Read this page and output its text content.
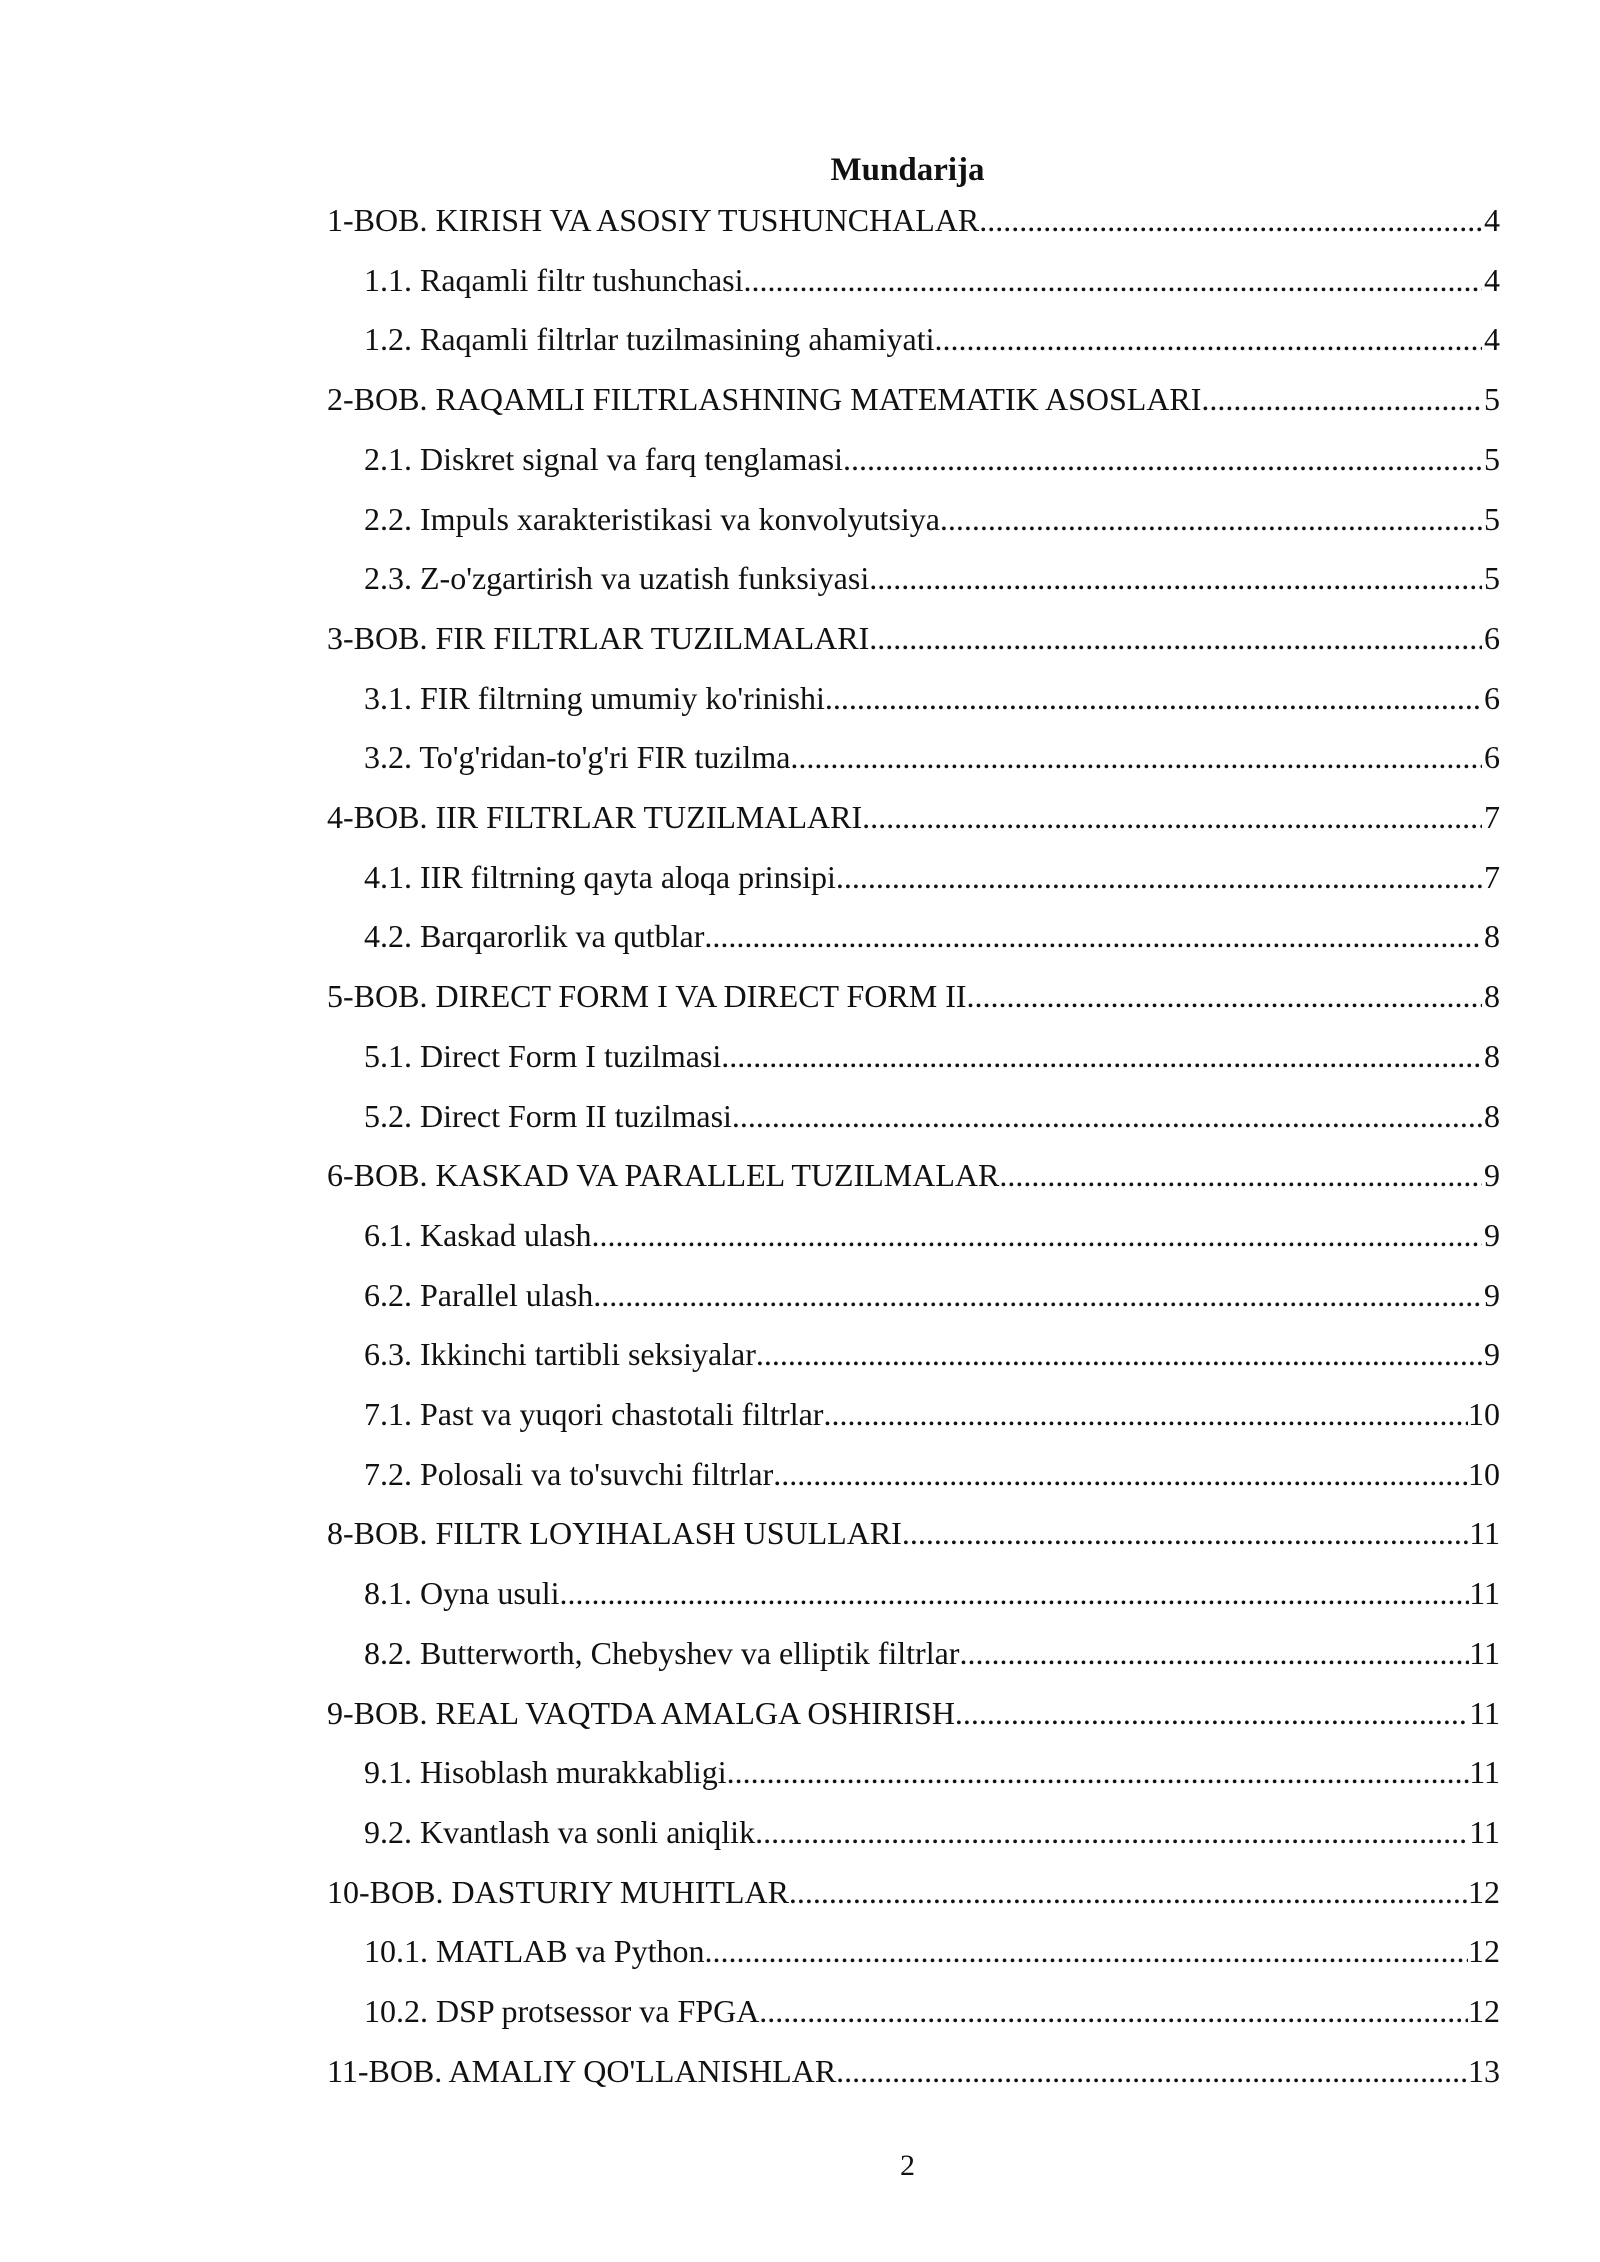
Mundarija
1-BOB. KIRISH VA ASOSIY TUSHUNCHALAR .....	4
1.1. Raqamli filtr tushunchasi .....	4
1.2. Raqamli filtrlar tuzilmasining ahamiyati .....	4
2-BOB. RAQAMLI FILTRLASHNING MATEMATIK ASOSLARI .....	5
2.1. Diskret signal va farq tenglamasi .....	5
2.2. Impuls xarakteristikasi va konvolyutsiya .....	5
2.3. Z-o'zgartirish va uzatish funksiyasi .....	5
3-BOB. FIR FILTRLAR TUZILMALARI .....	6
3.1. FIR filtrning umumiy ko'rinishi .....	6
3.2. To'g'ridan-to'g'ri FIR tuzilma .....	6
4-BOB. IIR FILTRLAR TUZILMALARI .....	7
4.1. IIR filtrning qayta aloqa prinsipi .....	7
4.2. Barqarorlik va qutblar .....	8
5-BOB. DIRECT FORM I VA DIRECT FORM II .....	8
5.1. Direct Form I tuzilmasi .....	8
5.2. Direct Form II tuzilmasi .....	8
6-BOB. KASKAD VA PARALLEL TUZILMALAR .....	9
6.1. Kaskad ulash .....	9
6.2. Parallel ulash .....	9
6.3. Ikkinchi tartibli seksiyalar .....	9
7.1. Past va yuqori chastotali filtrlar .....	10
7.2. Polosali va to'suvchi filtrlar .....	10
8-BOB. FILTR LOYIHALASH USULLARI .....	11
8.1. Oyna usuli .....	11
8.2. Butterworth, Chebyshev va elliptik filtrlar .....	11
9-BOB. REAL VAQTDA AMALGA OSHIRISH .....	11
9.1. Hisoblash murakkabligi .....	11
9.2. Kvantlash va sonli aniqlik .....	11
10-BOB. DASTURIY MUHITLAR .....	12
10.1. MATLAB va Python .....	12
10.2. DSP protsessor va FPGA .....	12
11-BOB. AMALIY QO'LLANISHLAR .....	13
2
